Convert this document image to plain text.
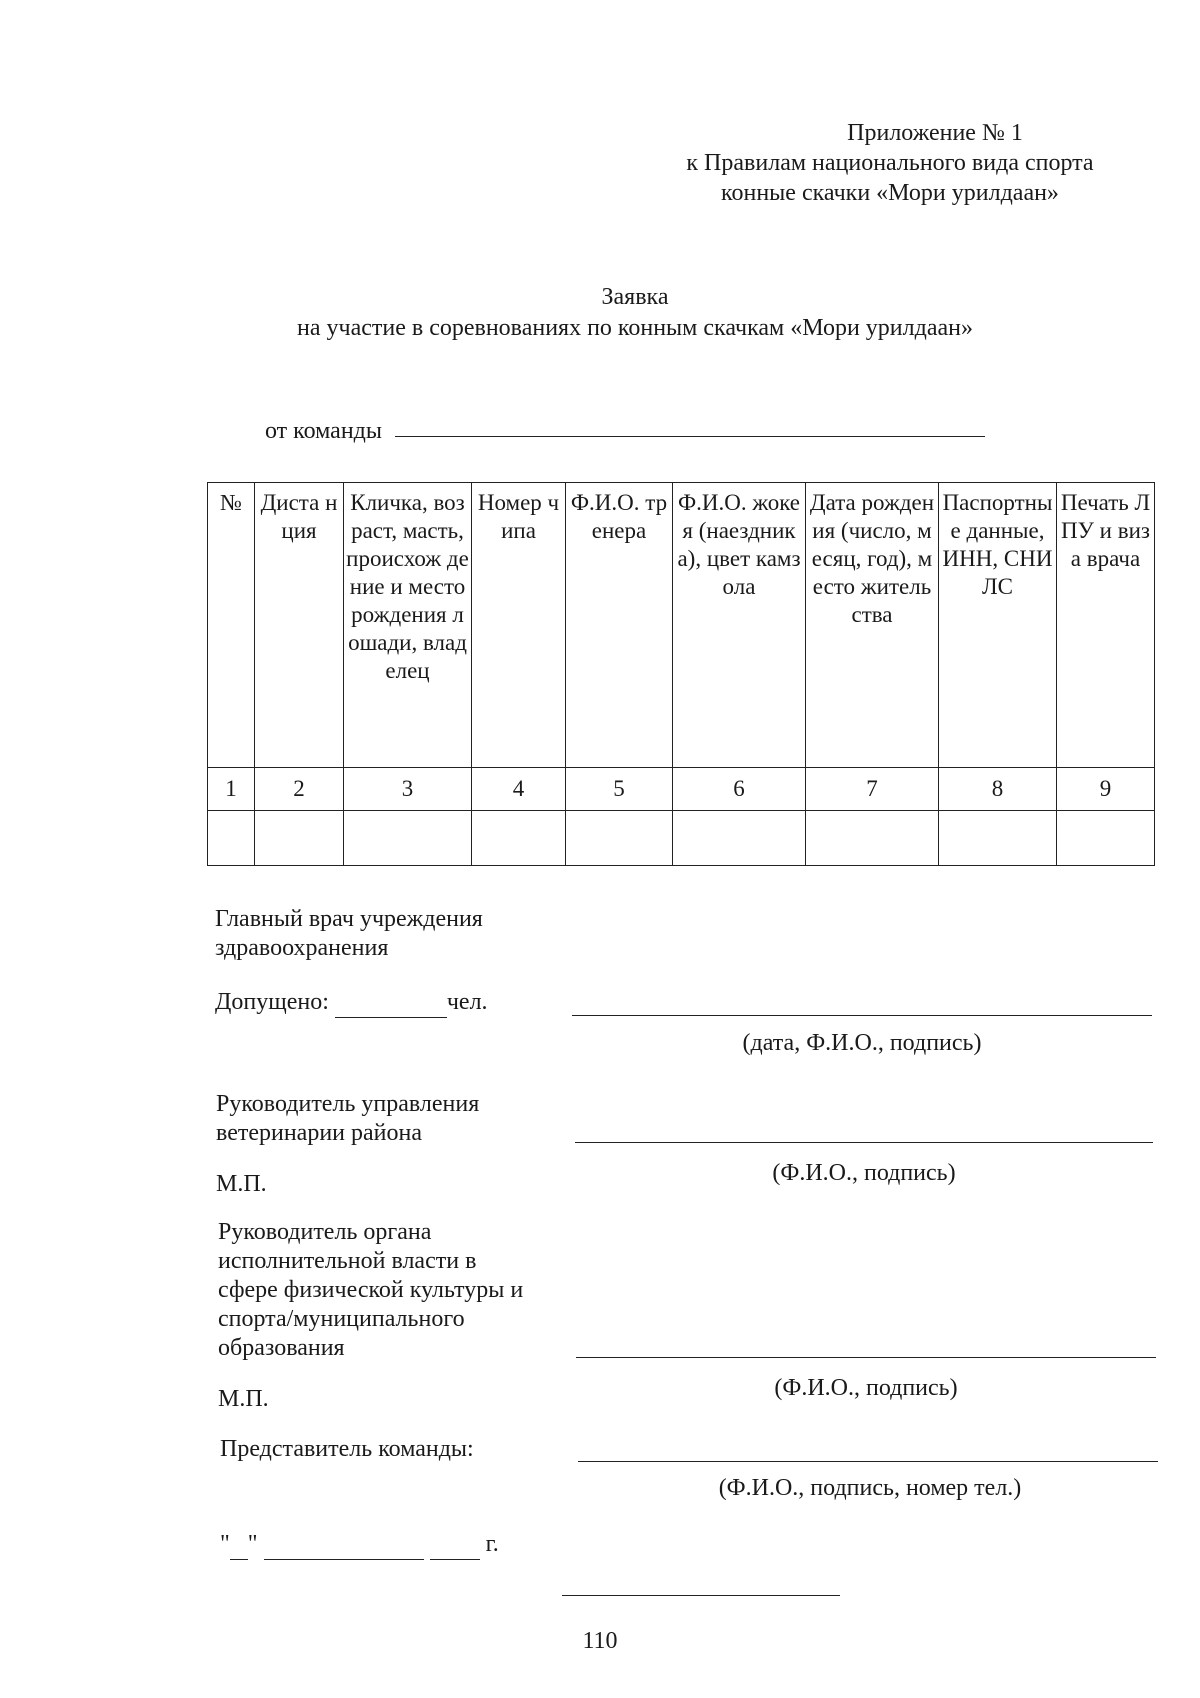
Приложение № 1
к Правилам национального вида спорта
конные скачки «Мори урилдаан»
Заявка
на участие в соревнованиях по конным скачкам «Мори урилдаан»
от команды
№	Диста нция	Кличка, возраст, масть, происхож дение и место рождения лошади, владелец	Номер чипа	Ф.И.О. тренера	Ф.И.О. жокея (наездника), цвет камзола	Дата рождения (число, месяц, год), место жительства	Паспортные данные, ИНН, СНИЛС	Печать ЛПУ и виза врача
1	2	3	4	5	6	7	8	9

Главный врач учреждения здравоохранения
Допущено:	чел.
(дата, Ф.И.О., подпись)
Руководитель управления ветеринарии района
М.П.	(Ф.И.О., подпись)
Руководитель органа исполнительной власти в сфере физической культуры и спорта/муниципального образования
М.П.	(Ф.И.О., подпись)
Представитель команды:
(Ф.И.О., подпись, номер тел.)
" "	г.
110
